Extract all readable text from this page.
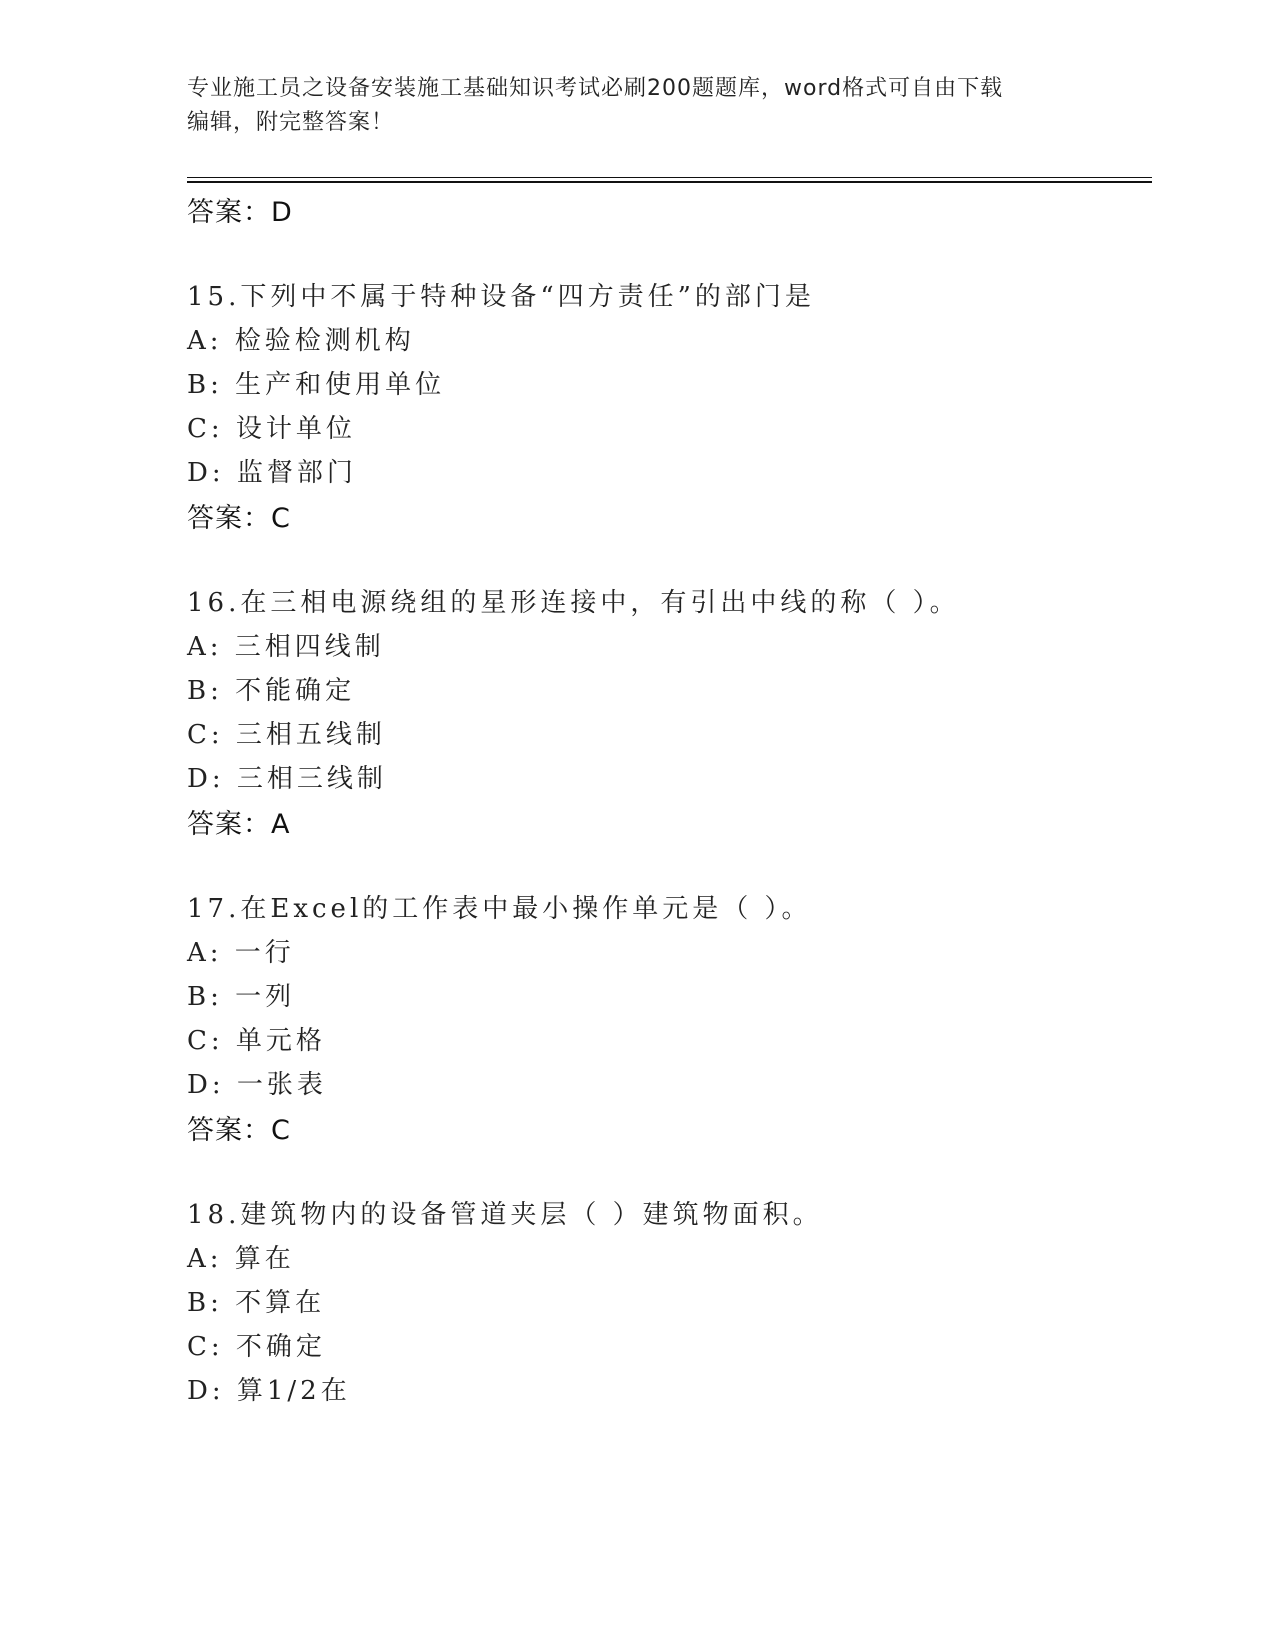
专业施工员之设备安装施工基础知识考试必刷200题题库，word格式可自由下载
编辑，附完整答案！
答案：D
15.下列中不属于特种设备“四方责任”的部门是
A: 检验检测机构
B: 生产和使用单位
C: 设计单位
D: 监督部门
答案：C
16.在三相电源绕组的星形连接中，有引出中线的称（ ）。
A: 三相四线制
B: 不能确定
C: 三相五线制
D: 三相三线制
答案：A
17.在Excel的工作表中最小操作单元是（ ）。
A: 一行
B: 一列
C: 单元格
D: 一张表
答案：C
18.建筑物内的设备管道夹层（ ）建筑物面积。
A: 算在
B: 不算在
C: 不确定
D: 算1/2在
